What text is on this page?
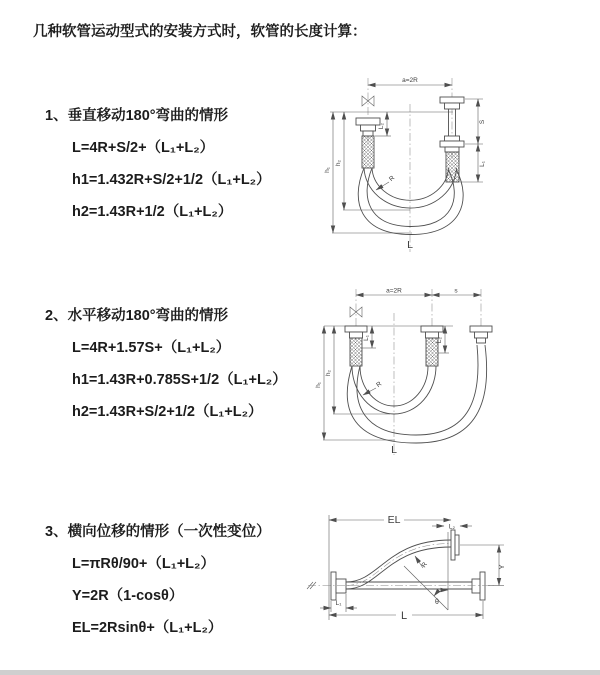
几种软管运动型式的安装方式时，软管的长度计算：
1、垂直移动180°弯曲的情形

L=4R+S/2+（L₁+L₂）

h1=1.432R+S/2+1/2（L₁+L₂）

h2=1.43R+1/2（L₁+L₂）

a=2R
R
h₁
h₂
L₂
S
L₁
L
2、水平移动180°弯曲的情形

L=4R+1.57S+（L₁+L₂）

h1=1.43R+0.785S+1/2（L₁+L₂）

h2=1.43R+S/2+1/2（L₁+L₂）

a=2R	s
R
h₁
h₂
L₁	L₂
L
3、横向位移的情形（一次性变位）

L=πRθ/90+（L₁+L₂）

Y=2R（1-cosθ）

EL=2Rsinθ+（L₁+L₂）

EL
L₂
Y
θ
R
L
L₁
